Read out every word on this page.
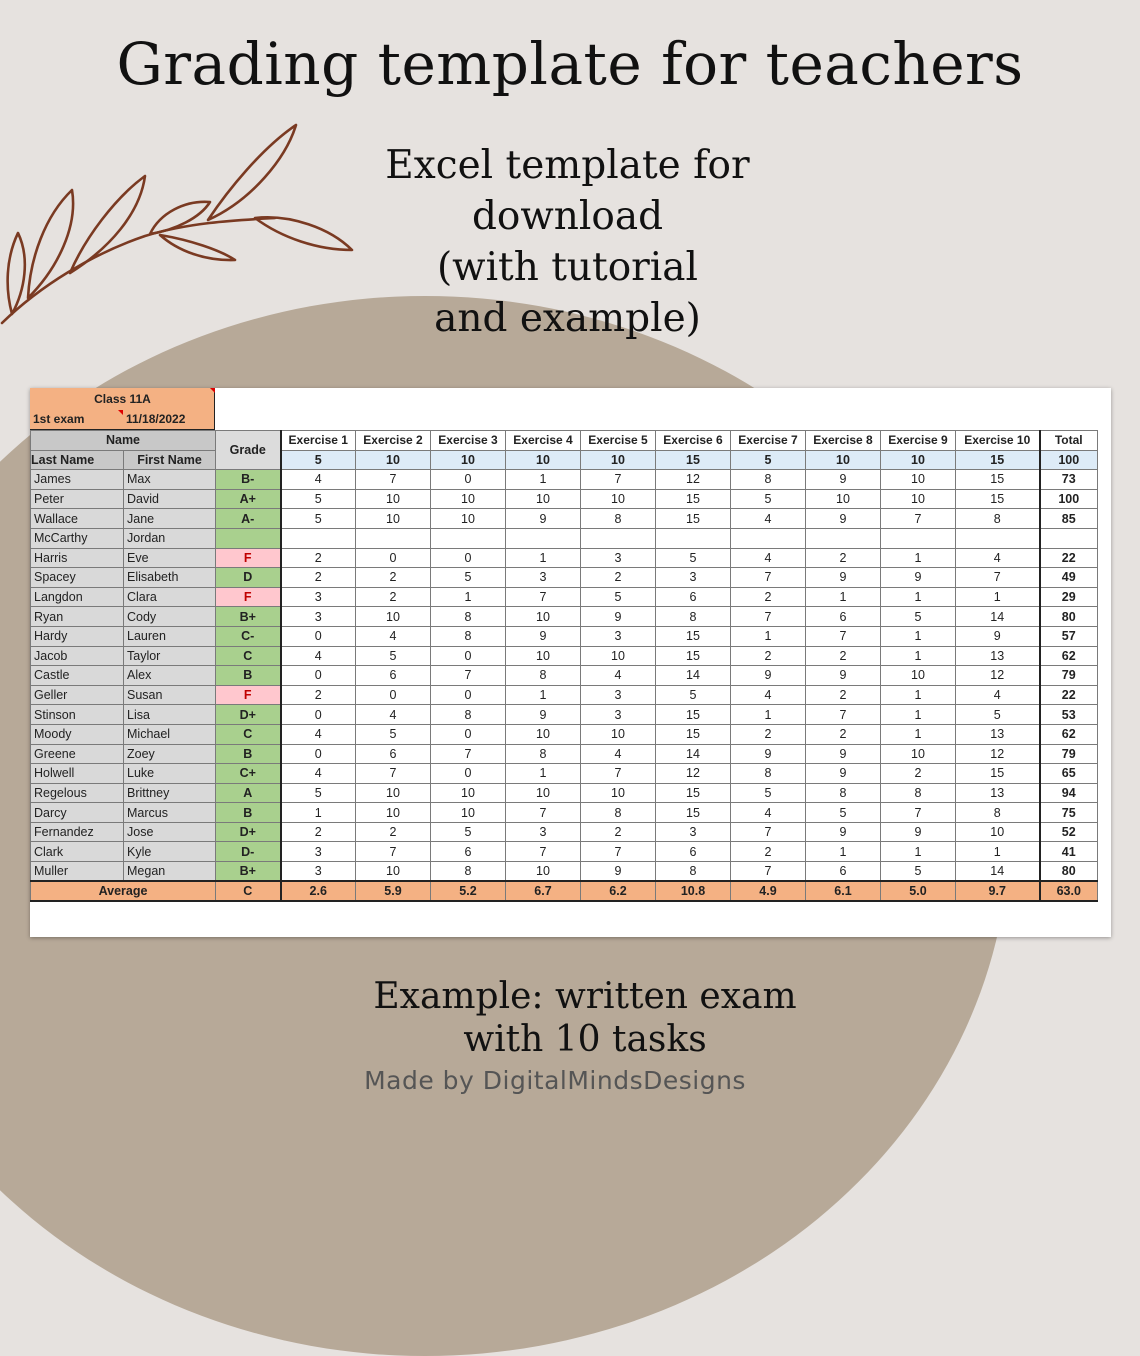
Grading template for teachers
Excel template for
download
(with tutorial
and example)
Class 11A
1st exam	11/18/2022
Name		Grade	Exercise 1	Exercise 2	Exercise 3	Exercise 4	Exercise 5	Exercise 6	Exercise 7	Exercise 8	Exercise 9	Exercise 10	Total
Last Name	First Name		5	10	10	10	10	15	5	10	10	15	100
James	Max	B-	4	7	0	1	7	12	8	9	10	15	73
Peter	David	A+	5	10	10	10	10	15	5	10	10	15	100
Wallace	Jane	A-	5	10	10	9	8	15	4	9	7	8	85
McCarthy	Jordan												
Harris	Eve	F	2	0	0	1	3	5	4	2	1	4	22
Spacey	Elisabeth	D	2	2	5	3	2	3	7	9	9	7	49
Langdon	Clara	F	3	2	1	7	5	6	2	1	1	1	29
Ryan	Cody	B+	3	10	8	10	9	8	7	6	5	14	80
Hardy	Lauren	C-	0	4	8	9	3	15	1	7	1	9	57
Jacob	Taylor	C	4	5	0	10	10	15	2	2	1	13	62
Castle	Alex	B	0	6	7	8	4	14	9	9	10	12	79
Geller	Susan	F	2	0	0	1	3	5	4	2	1	4	22
Stinson	Lisa	D+	0	4	8	9	3	15	1	7	1	5	53
Moody	Michael	C	4	5	0	10	10	15	2	2	1	13	62
Greene	Zoey	B	0	6	7	8	4	14	9	9	10	12	79
Holwell	Luke	C+	4	7	0	1	7	12	8	9	2	15	65
Regelous	Brittney	A	5	10	10	10	10	15	5	8	8	13	94
Darcy	Marcus	B	1	10	10	7	8	15	4	5	7	8	75
Fernandez	Jose	D+	2	2	5	3	2	3	7	9	9	10	52
Clark	Kyle	D-	3	7	6	7	7	6	2	1	1	1	41
Muller	Megan	B+	3	10	8	10	9	8	7	6	5	14	80
Average		C	2.6	5.9	5.2	6.7	6.2	10.8	4.9	6.1	5.0	9.7	63.0
Example: written exam
with 10 tasks
Made by DigitalMindsDesigns
